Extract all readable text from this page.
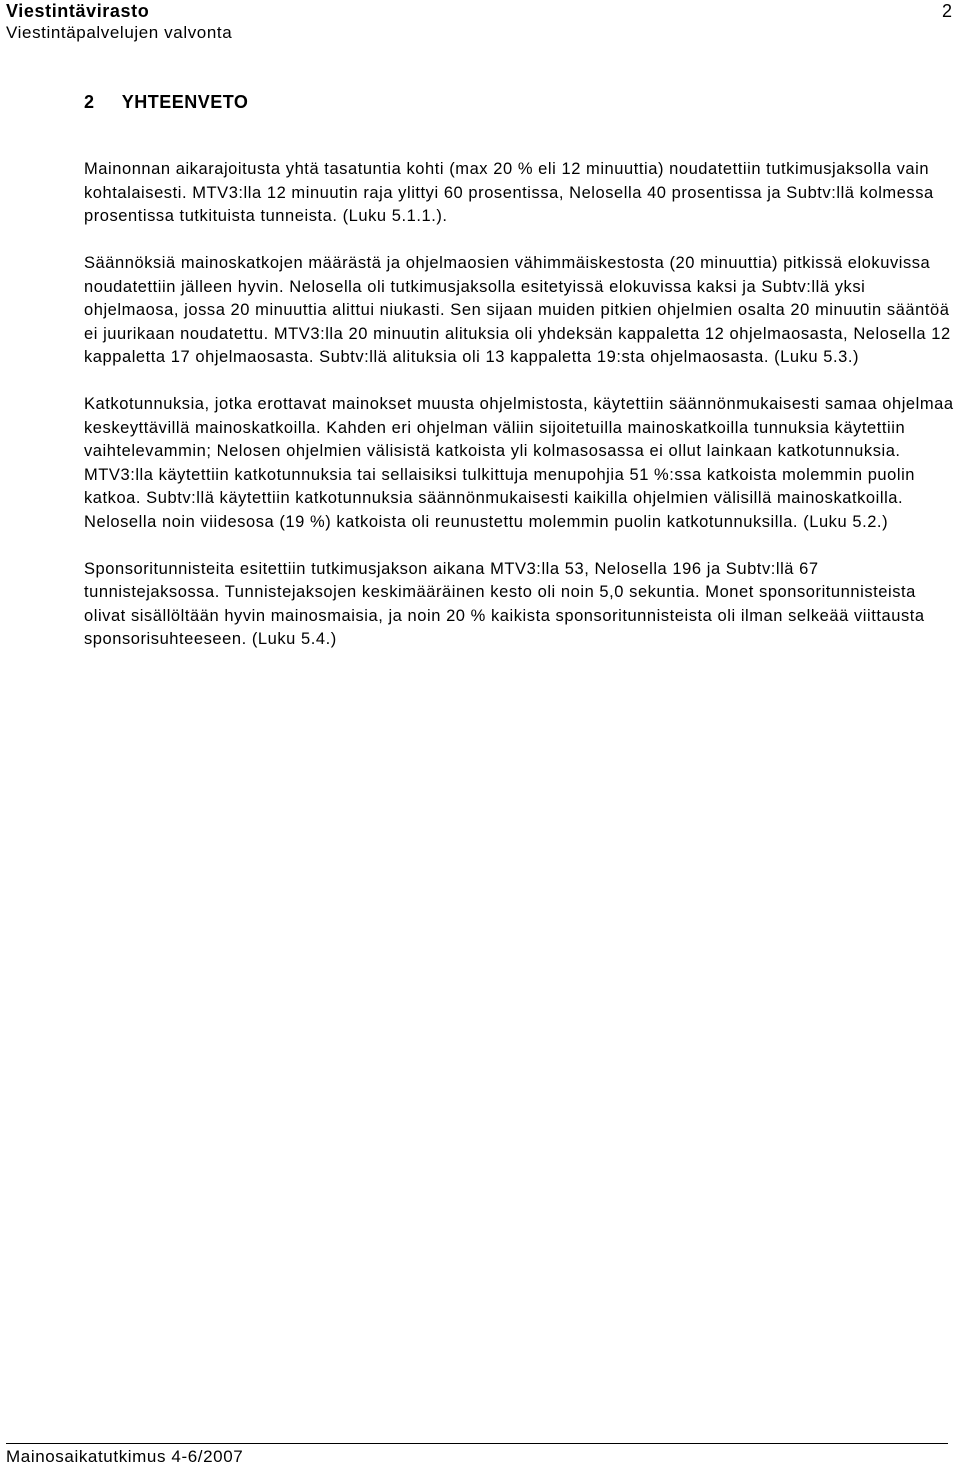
Viestintävirasto
Viestintäpalvelujen valvonta
2
2 YHTEENVETO

Mainonnan aikarajoitusta yhtä tasatuntia kohti (max 20 % eli 12 minuuttia) noudatettiin tutkimusjaksolla vain kohtalaisesti. MTV3:lla 12 minuutin raja ylittyi 60 prosentissa, Nelosella 40 prosentissa ja Subtv:llä kolmessa prosentissa tutkituista tunneista. (Luku 5.1.1.).

Säännöksiä mainoskatkojen määrästä ja ohjelmaosien vähimmäiskestosta (20 minuuttia) pitkissä elokuvissa noudatettiin jälleen hyvin. Nelosella oli tutkimusjaksolla esitetyissä elokuvissa kaksi ja Subtv:llä yksi ohjelmaosa, jossa 20 minuuttia alittui niukasti. Sen sijaan muiden pitkien ohjelmien osalta 20 minuutin sääntöä ei juurikaan noudatettu. MTV3:lla 20 minuutin alituksia oli yhdeksän kappaletta 12 ohjelmaosasta, Nelosella 12 kappaletta 17 ohjelmaosasta. Subtv:llä alituksia oli 13 kappaletta 19:sta ohjelmaosasta. (Luku 5.3.)

Katkotunnuksia, jotka erottavat mainokset muusta ohjelmistosta, käytettiin säännönmukaisesti samaa ohjelmaa keskeyttävillä mainoskatkoilla. Kahden eri ohjelman väliin sijoitetuilla mainoskatkoilla tunnuksia käytettiin vaihtelevammin; Nelosen ohjelmien välisistä katkoista yli kolmasosassa ei ollut lainkaan katkotunnuksia. MTV3:lla käytettiin katkotunnuksia tai sellaisiksi tulkittuja menupohjia 51 %:ssa katkoista molemmin puolin katkoa. Subtv:llä käytettiin katkotunnuksia säännönmukaisesti kaikilla ohjelmien välisillä mainoskatkoilla. Nelosella noin viidesosa (19 %) katkoista oli reunustettu molemmin puolin katkotunnuksilla. (Luku 5.2.)

Sponsoritunnisteita esitettiin tutkimusjakson aikana MTV3:lla 53, Nelosella 196 ja Subtv:llä 67 tunnistejaksossa. Tunnistejaksojen keskimääräinen kesto oli noin 5,0 sekuntia. Monet sponsoritunnisteista olivat sisällöltään hyvin mainosmaisia, ja noin 20 % kaikista sponsoritunnisteista oli ilman selkeää viittausta sponsorisuhteeseen. (Luku 5.4.)

Mainosaikatutkimus 4-6/2007
